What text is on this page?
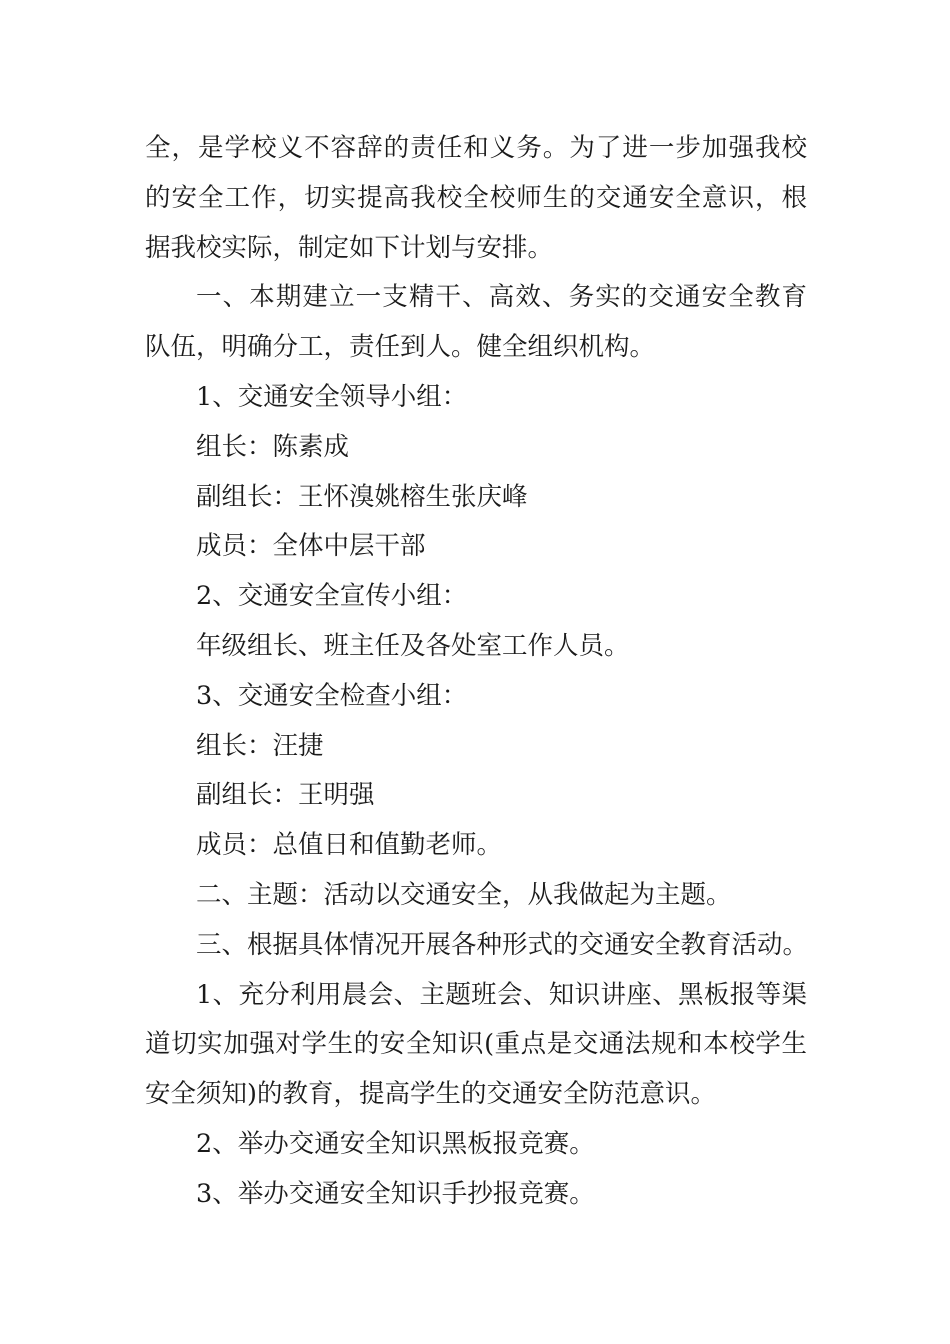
全，是学校义不容辞的责任和义务。为了进一步加强我校的安全工作，切实提高我校全校师生的交通安全意识，根据我校实际，制定如下计划与安排。

一、本期建立一支精干、高效、务实的交通安全教育队伍，明确分工，责任到人。健全组织机构。

1、交通安全领导小组：

组长：陈素成

副组长：王怀溴姚榕生张庆峰

成员：全体中层干部

2、交通安全宣传小组：

年级组长、班主任及各处室工作人员。

3、交通安全检查小组：

组长：汪捷

副组长：王明强

成员：总值日和值勤老师。

二、主题：活动以交通安全，从我做起为主题。

三、根据具体情况开展各种形式的交通安全教育活动。

1、充分利用晨会、主题班会、知识讲座、黑板报等渠道切实加强对学生的安全知识(重点是交通法规和本校学生安全须知)的教育，提高学生的交通安全防范意识。

2、举办交通安全知识黑板报竞赛。

3、举办交通安全知识手抄报竞赛。
